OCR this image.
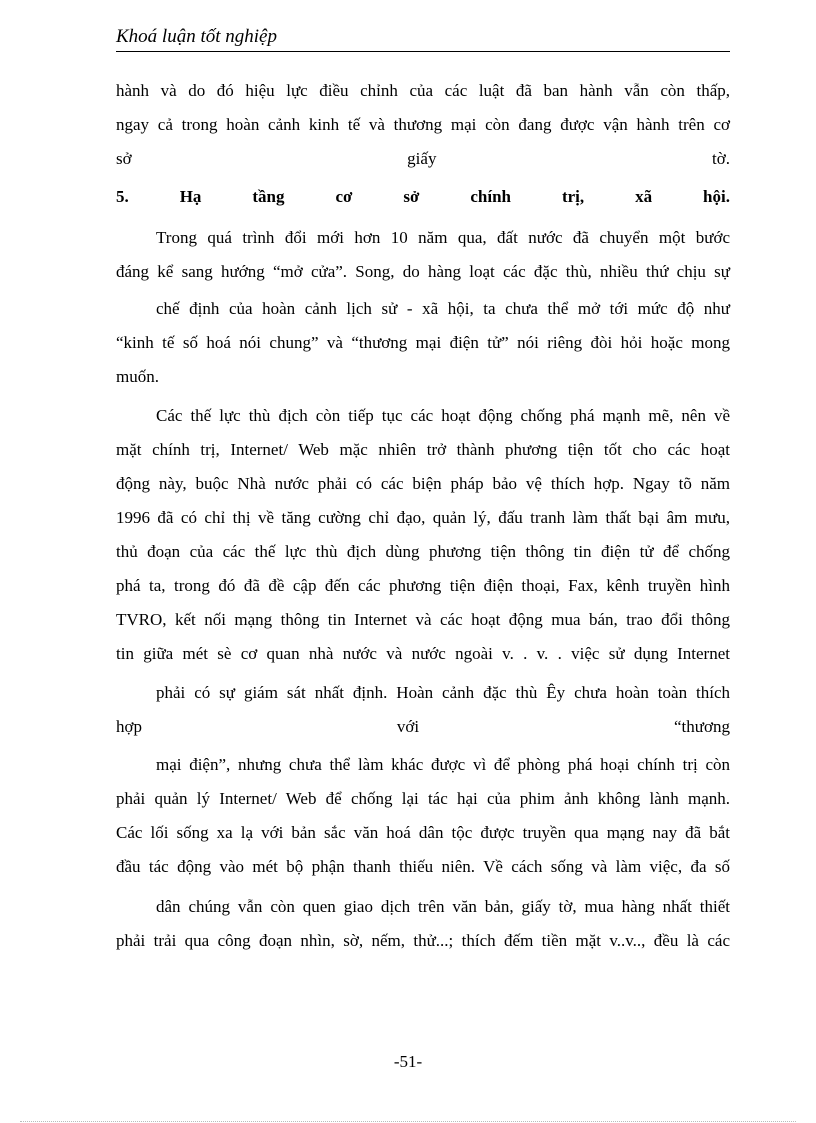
Khoá luận tốt nghiệp
hành và do đó hiệu lực điều chỉnh của các luật đã ban hành vẫn còn thấp,
ngay cả trong hoàn cảnh kinh tế và thương mại còn đang được vận hành trên cơ
sở giấy tờ.
5. Hạ tầng cơ sở chính trị, xã hội.
Trong quá trình đổi mới hơn 10 năm qua, đất nước đã chuyển một bước
đáng kể sang hướng “mở cửa”. Song, do hàng loạt các đặc thù, nhiều thứ chịu sự
chế định của hoàn cảnh lịch sử - xã hội, ta chưa thể mở tới mức độ như
“kinh tế số hoá nói chung” và “thương mại điện tử” nói riêng đòi hỏi hoặc mong
muốn.
Các thế lực thù địch còn tiếp tục các hoạt động chống phá mạnh mẽ, nên về
mặt chính trị, Internet/ Web mặc nhiên trở thành phương tiện tốt cho các hoạt
động này, buộc Nhà nước phải có các biện pháp bảo vệ thích hợp. Ngay tõ năm
1996 đã có chỉ thị về tăng cường chỉ đạo, quản lý, đấu tranh làm thất bại âm mưu,
thủ đoạn của các thế lực thù địch dùng phương tiện thông tin điện tử để chống
phá ta, trong đó đã đề cập đến các phương tiện điện thoại, Fax, kênh truyền hình
TVRO, kết nối mạng thông tin Internet và các hoạt động mua bán, trao đổi thông
tin giữa mét sè cơ quan nhà nước và nước ngoài v. . v. . việc sử dụng Internet
phải có sự giám sát nhất định. Hoàn cảnh đặc thù Êy chưa hoàn toàn thích
hợp với “thương
mại điện”, nhưng chưa thể làm khác được vì để phòng phá hoại chính trị còn
phải quản lý Internet/ Web để chống lại tác hại của phim ảnh không lành mạnh.
Các lối sống xa lạ với bản sắc văn hoá dân tộc được truyền qua mạng nay đã bắt
đầu tác động vào mét bộ phận thanh thiếu niên. Về cách sống và làm việc, đa số
dân chúng vẫn còn quen giao dịch trên văn bản, giấy tờ, mua hàng nhất thiết
phải trải qua công đoạn nhìn, sờ, nếm, thử...; thích đếm tiền mặt v..v.., đều là các
-51-
